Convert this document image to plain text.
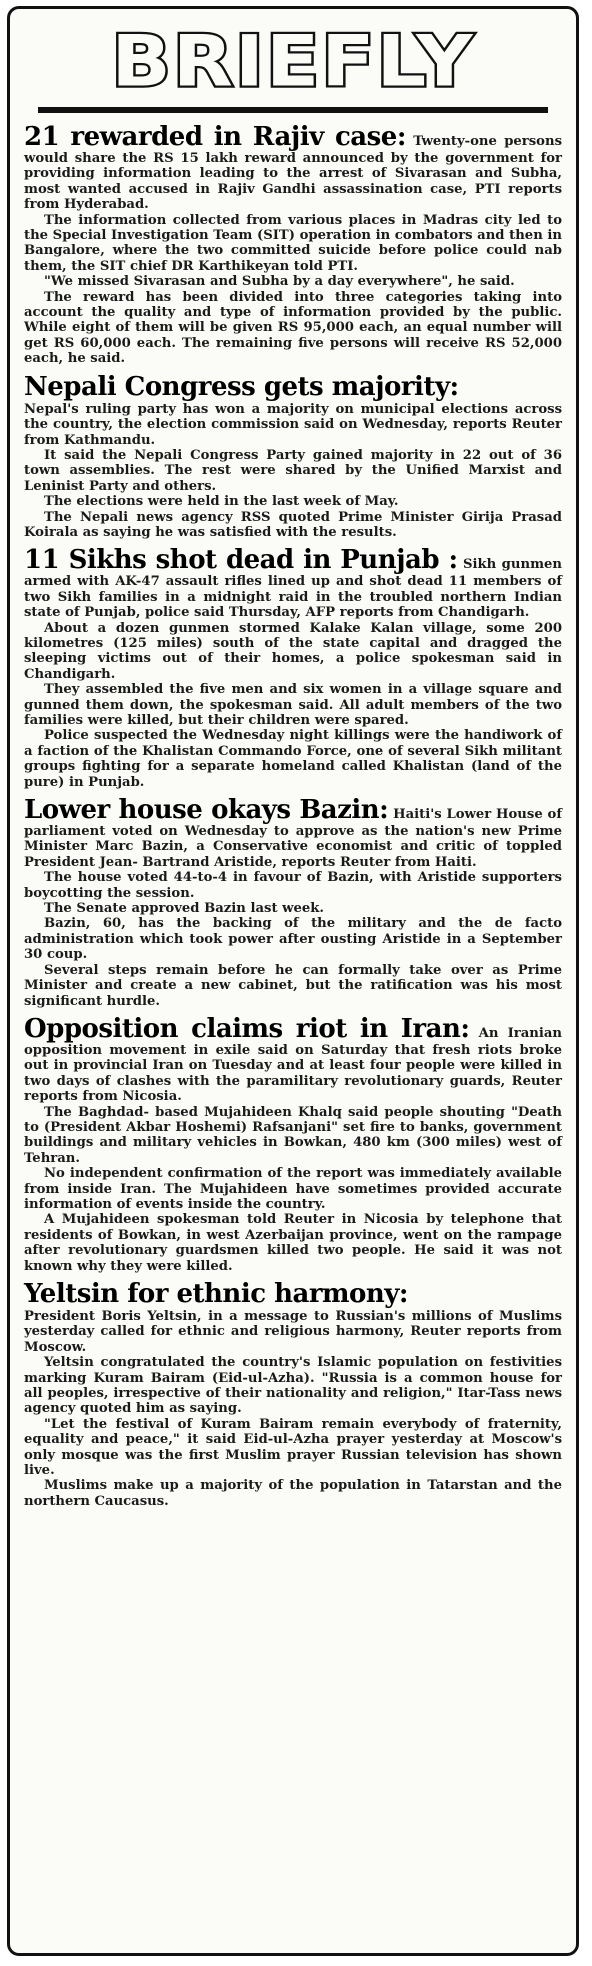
BRIEFLY

21 rewarded in Rajiv case: Twenty-one persons would share the RS 15 lakh reward announced by the government for providing information leading to the arrest of Sivarasan and Subha, most wanted accused in Rajiv Gandhi assassination case, PTI reports from Hyderabad.

The information collected from various places in Madras city led to the Special Investigation Team (SIT) operation in combators and then in Bangalore, where the two committed suicide before police could nab them, the SIT chief DR Karthikeyan told PTI.

"We missed Sivarasan and Subha by a day everywhere", he said.

The reward has been divided into three categories taking into account the quality and type of information provided by the public. While eight of them will be given RS 95,000 each, an equal number will get RS 60,000 each. The remaining five persons will receive RS 52,000 each, he said.

Nepali Congress gets majority:

Nepal's ruling party has won a majority on municipal elections across the country, the election commission said on Wednesday, reports Reuter from Kathmandu.

It said the Nepali Congress Party gained majority in 22 out of 36 town assemblies. The rest were shared by the Unified Marxist and Leninist Party and others.

The elections were held in the last week of May.

The Nepali news agency RSS quoted Prime Minister Girija Prasad Koirala as saying he was satisfied with the results.

11 Sikhs shot dead in Punjab : Sikh gunmen armed with AK-47 assault rifles lined up and shot dead 11 members of two Sikh families in a midnight raid in the troubled northern Indian state of Punjab, police said Thursday, AFP reports from Chandigarh.

About a dozen gunmen stormed Kalake Kalan village, some 200 kilometres (125 miles) south of the state capital and dragged the sleeping victims out of their homes, a police spokesman said in Chandigarh.

They assembled the five men and six women in a village square and gunned them down, the spokesman said. All adult members of the two families were killed, but their children were spared.

Police suspected the Wednesday night killings were the handiwork of a faction of the Khalistan Commando Force, one of several Sikh militant groups fighting for a separate homeland called Khalistan (land of the pure) in Punjab.

Lower house okays Bazin: Haiti's Lower House of parliament voted on Wednesday to approve as the nation's new Prime Minister Marc Bazin, a Conservative economist and critic of toppled President Jean- Bartrand Aristide, reports Reuter from Haiti.

The house voted 44-to-4 in favour of Bazin, with Aristide supporters boycotting the session.

The Senate approved Bazin last week.

Bazin, 60, has the backing of the military and the de facto administration which took power after ousting Aristide in a September 30 coup.

Several steps remain before he can formally take over as Prime Minister and create a new cabinet, but the ratification was his most significant hurdle.

Opposition claims riot in Iran: An Iranian opposition movement in exile said on Saturday that fresh riots broke out in provincial Iran on Tuesday and at least four people were killed in two days of clashes with the paramilitary revolutionary guards, Reuter reports from Nicosia.

The Baghdad- based Mujahideen Khalq said people shouting "Death to (President Akbar Hoshemi) Rafsanjani" set fire to banks, government buildings and military vehicles in Bowkan, 480 km (300 miles) west of Tehran.

No independent confirmation of the report was immediately available from inside Iran. The Mujahideen have sometimes provided accurate information of events inside the country.

A Mujahideen spokesman told Reuter in Nicosia by telephone that residents of Bowkan, in west Azerbaijan province, went on the rampage after revolutionary guardsmen killed two people. He said it was not known why they were killed.

Yeltsin for ethnic harmony:

President Boris Yeltsin, in a message to Russian's millions of Muslims yesterday called for ethnic and religious harmony, Reuter reports from Moscow.

Yeltsin congratulated the country's Islamic population on festivities marking Kuram Bairam (Eid-ul-Azha). "Russia is a common house for all peoples, irrespective of their nationality and religion," Itar-Tass news agency quoted him as saying.

"Let the festival of Kuram Bairam remain everybody of fraternity, equality and peace," it said Eid-ul-Azha prayer yesterday at Moscow's only mosque was the first Muslim prayer Russian television has shown live.

Muslims make up a majority of the population in Tatarstan and the northern Caucasus.
